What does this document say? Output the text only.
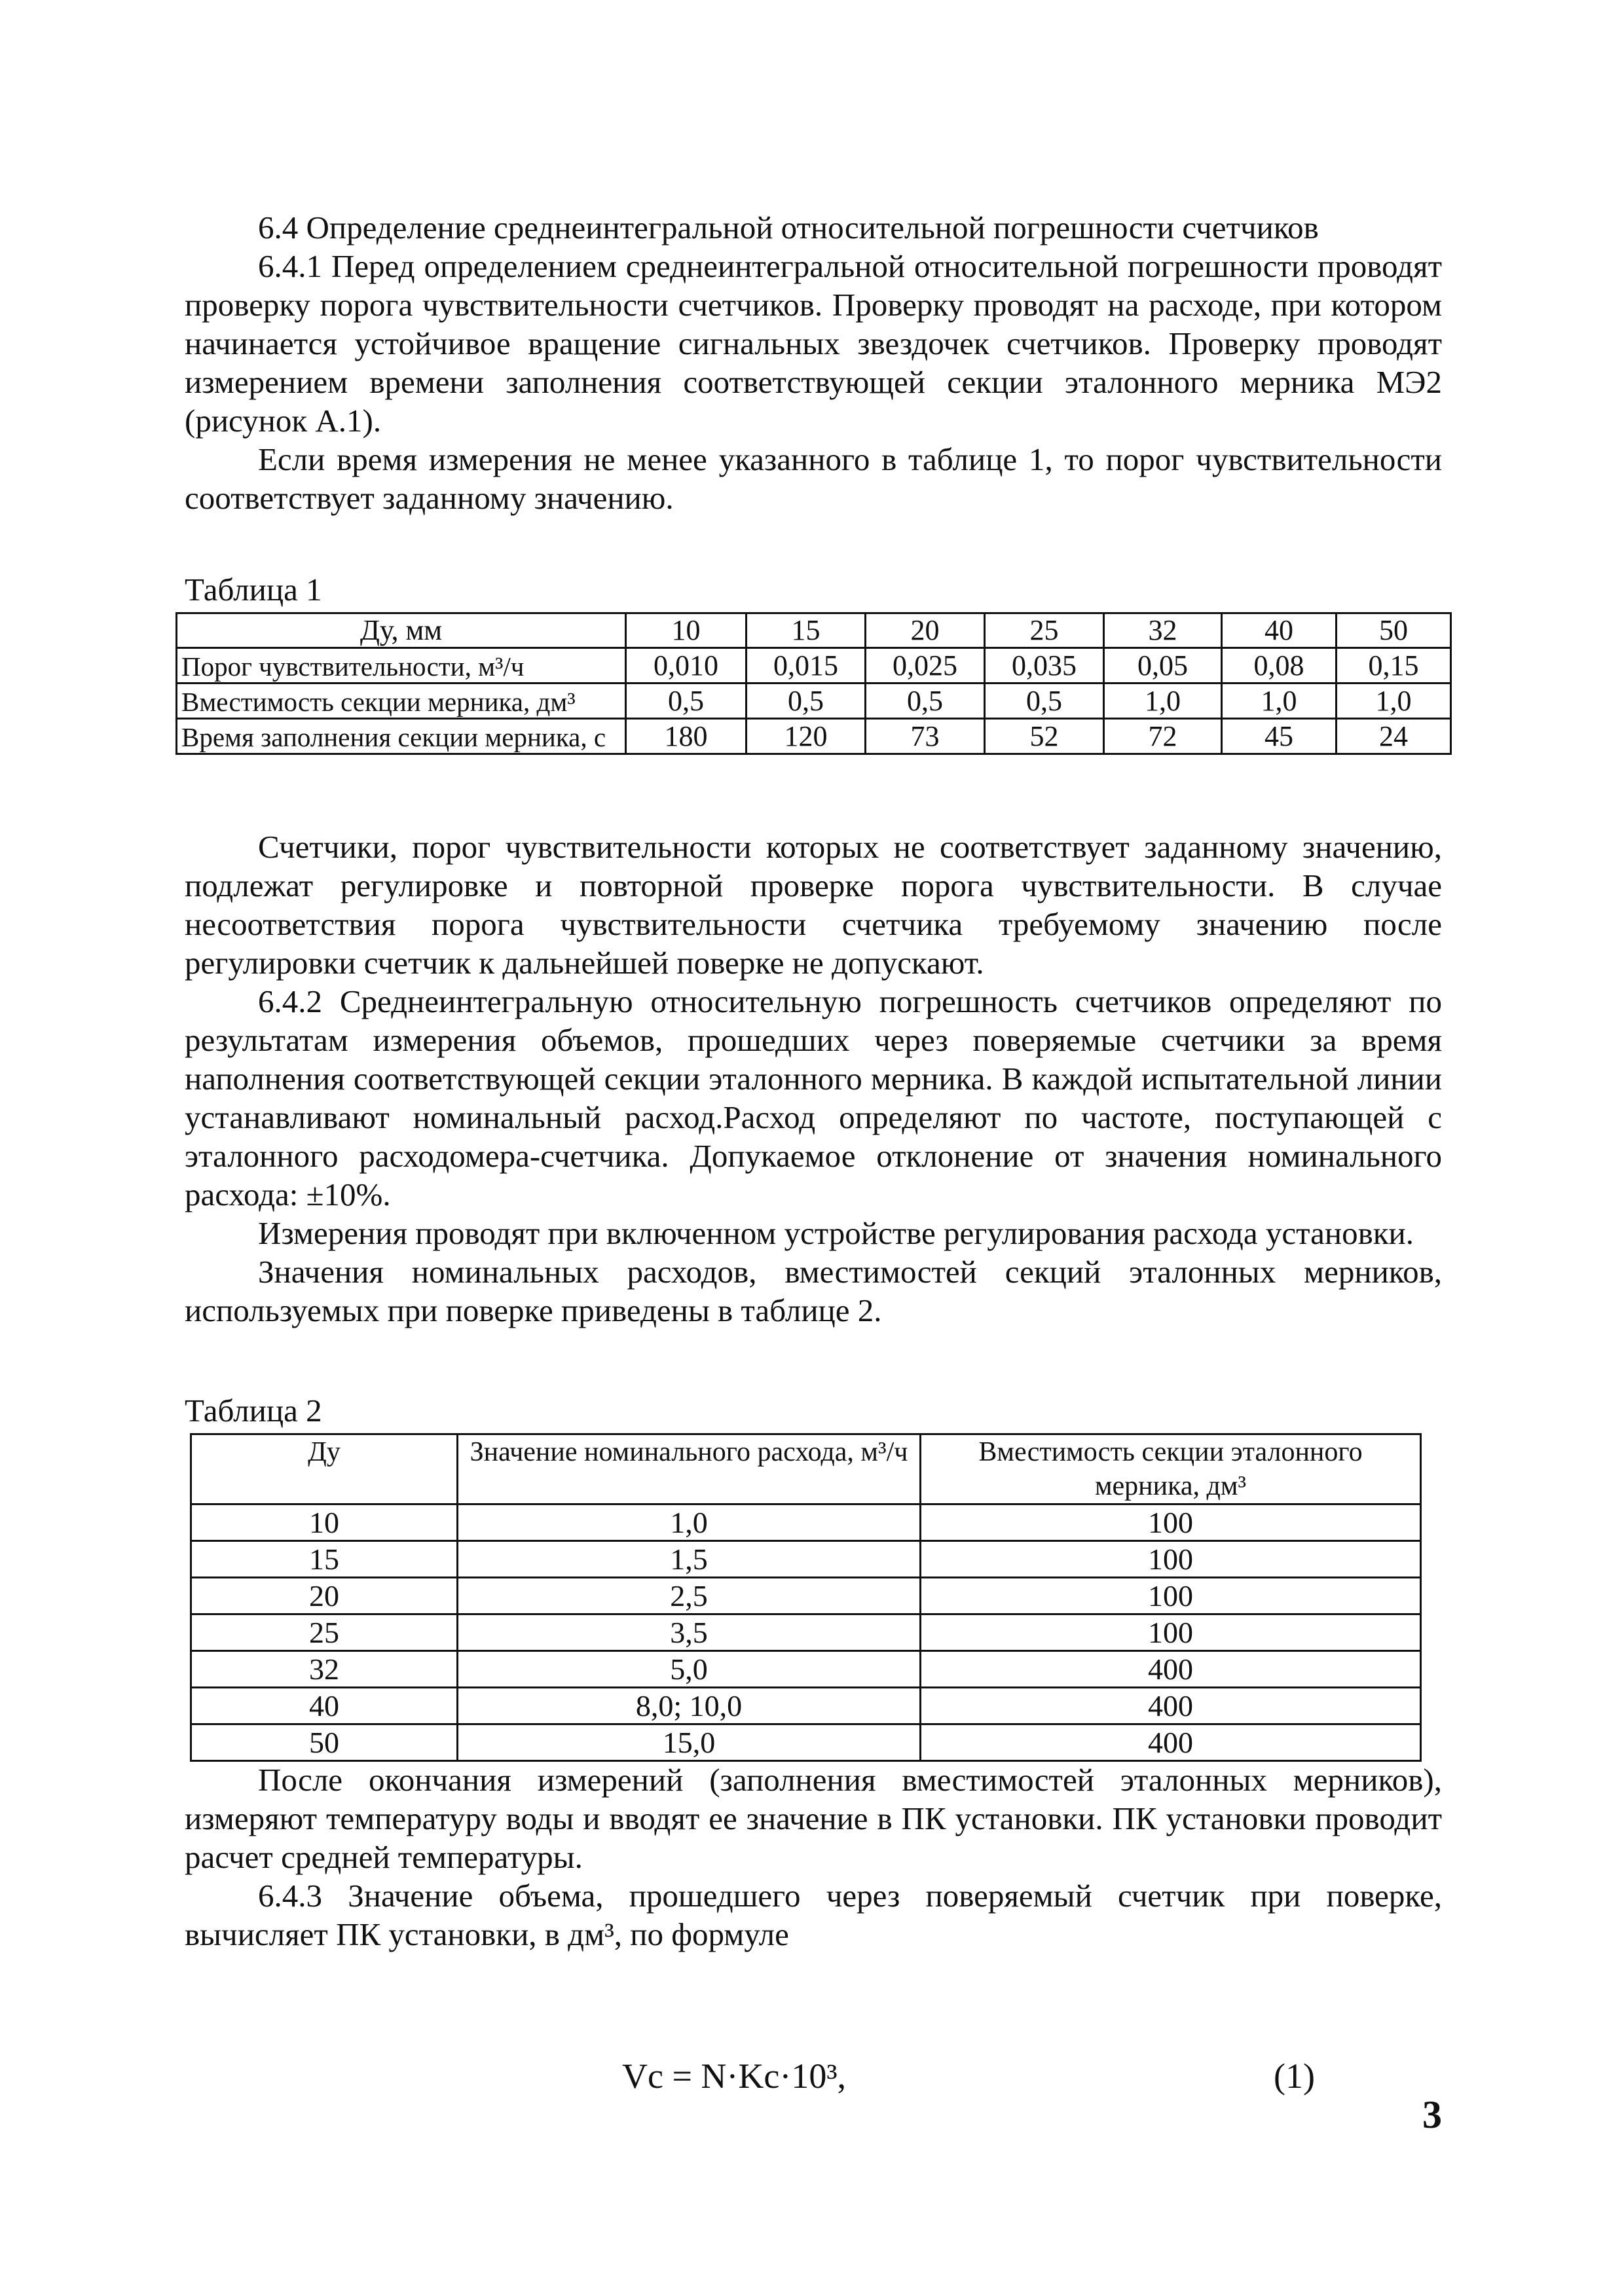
6.4 Определение среднеинтегральной относительной погрешности счетчиков

6.4.1 Перед определением среднеинтегральной относительной погрешности проводят проверку порога чувствительности счетчиков. Проверку проводят на расходе, при котором начинается устойчивое вращение сигнальных звездочек счетчиков. Проверку проводят измерением времени заполнения соответствующей секции эталонного мерника МЭ2 (рисунок А.1).

Если время измерения не менее указанного в таблице 1, то порог чувствительности соответствует заданному значению.

Таблица 1
Ду, мм	10	15	20	25	32	40	50
Порог чувствительности, м³/ч	0,010	0,015	0,025	0,035	0,05	0,08	0,15
Вместимость секции мерника, дм³	0,5	0,5	0,5	0,5	1,0	1,0	1,0
Время заполнения секции мерника, с	180	120	73	52	72	45	24

Счетчики, порог чувствительности которых не соответствует заданному значению, подлежат регулировке и повторной проверке порога чувствительности. В случае несоответствия порога чувствительности счетчика требуемому значению после регулировки счетчик к дальнейшей поверке не допускают.

6.4.2 Среднеинтегральную относительную погрешность счетчиков определяют по результатам измерения объемов, прошедших через поверяемые счетчики за время наполнения соответствующей секции эталонного мерника. В каждой испытательной линии устанавливают номинальный расход.Расход определяют по частоте, поступающей с эталонного расходомера-счетчика. Допукаемое отклонение от значения номинального расхода: ±10%.

Измерения проводят при включенном устройстве регулирования расхода установки.

Значения номинальных расходов, вместимостей секций эталонных мерников, используемых при поверке приведены в таблице 2.

Таблица 2
Ду	Значение номинального расхода, м³/ч	Вместимость секции эталонного мерника, дм³
10	1,0	100
15	1,5	100
20	2,5	100
25	3,5	100
32	5,0	400
40	8,0; 10,0	400
50	15,0	400

После окончания измерений (заполнения вместимостей эталонных мерников), измеряют температуру воды и вводят ее значение в ПК установки. ПК установки проводит расчет средней температуры.

6.4.3 Значение объема, прошедшего через поверяемый счетчик при поверке, вычисляет ПК установки, в дм³, по формуле

Vc = N·Kc·10³,	(1)
3
